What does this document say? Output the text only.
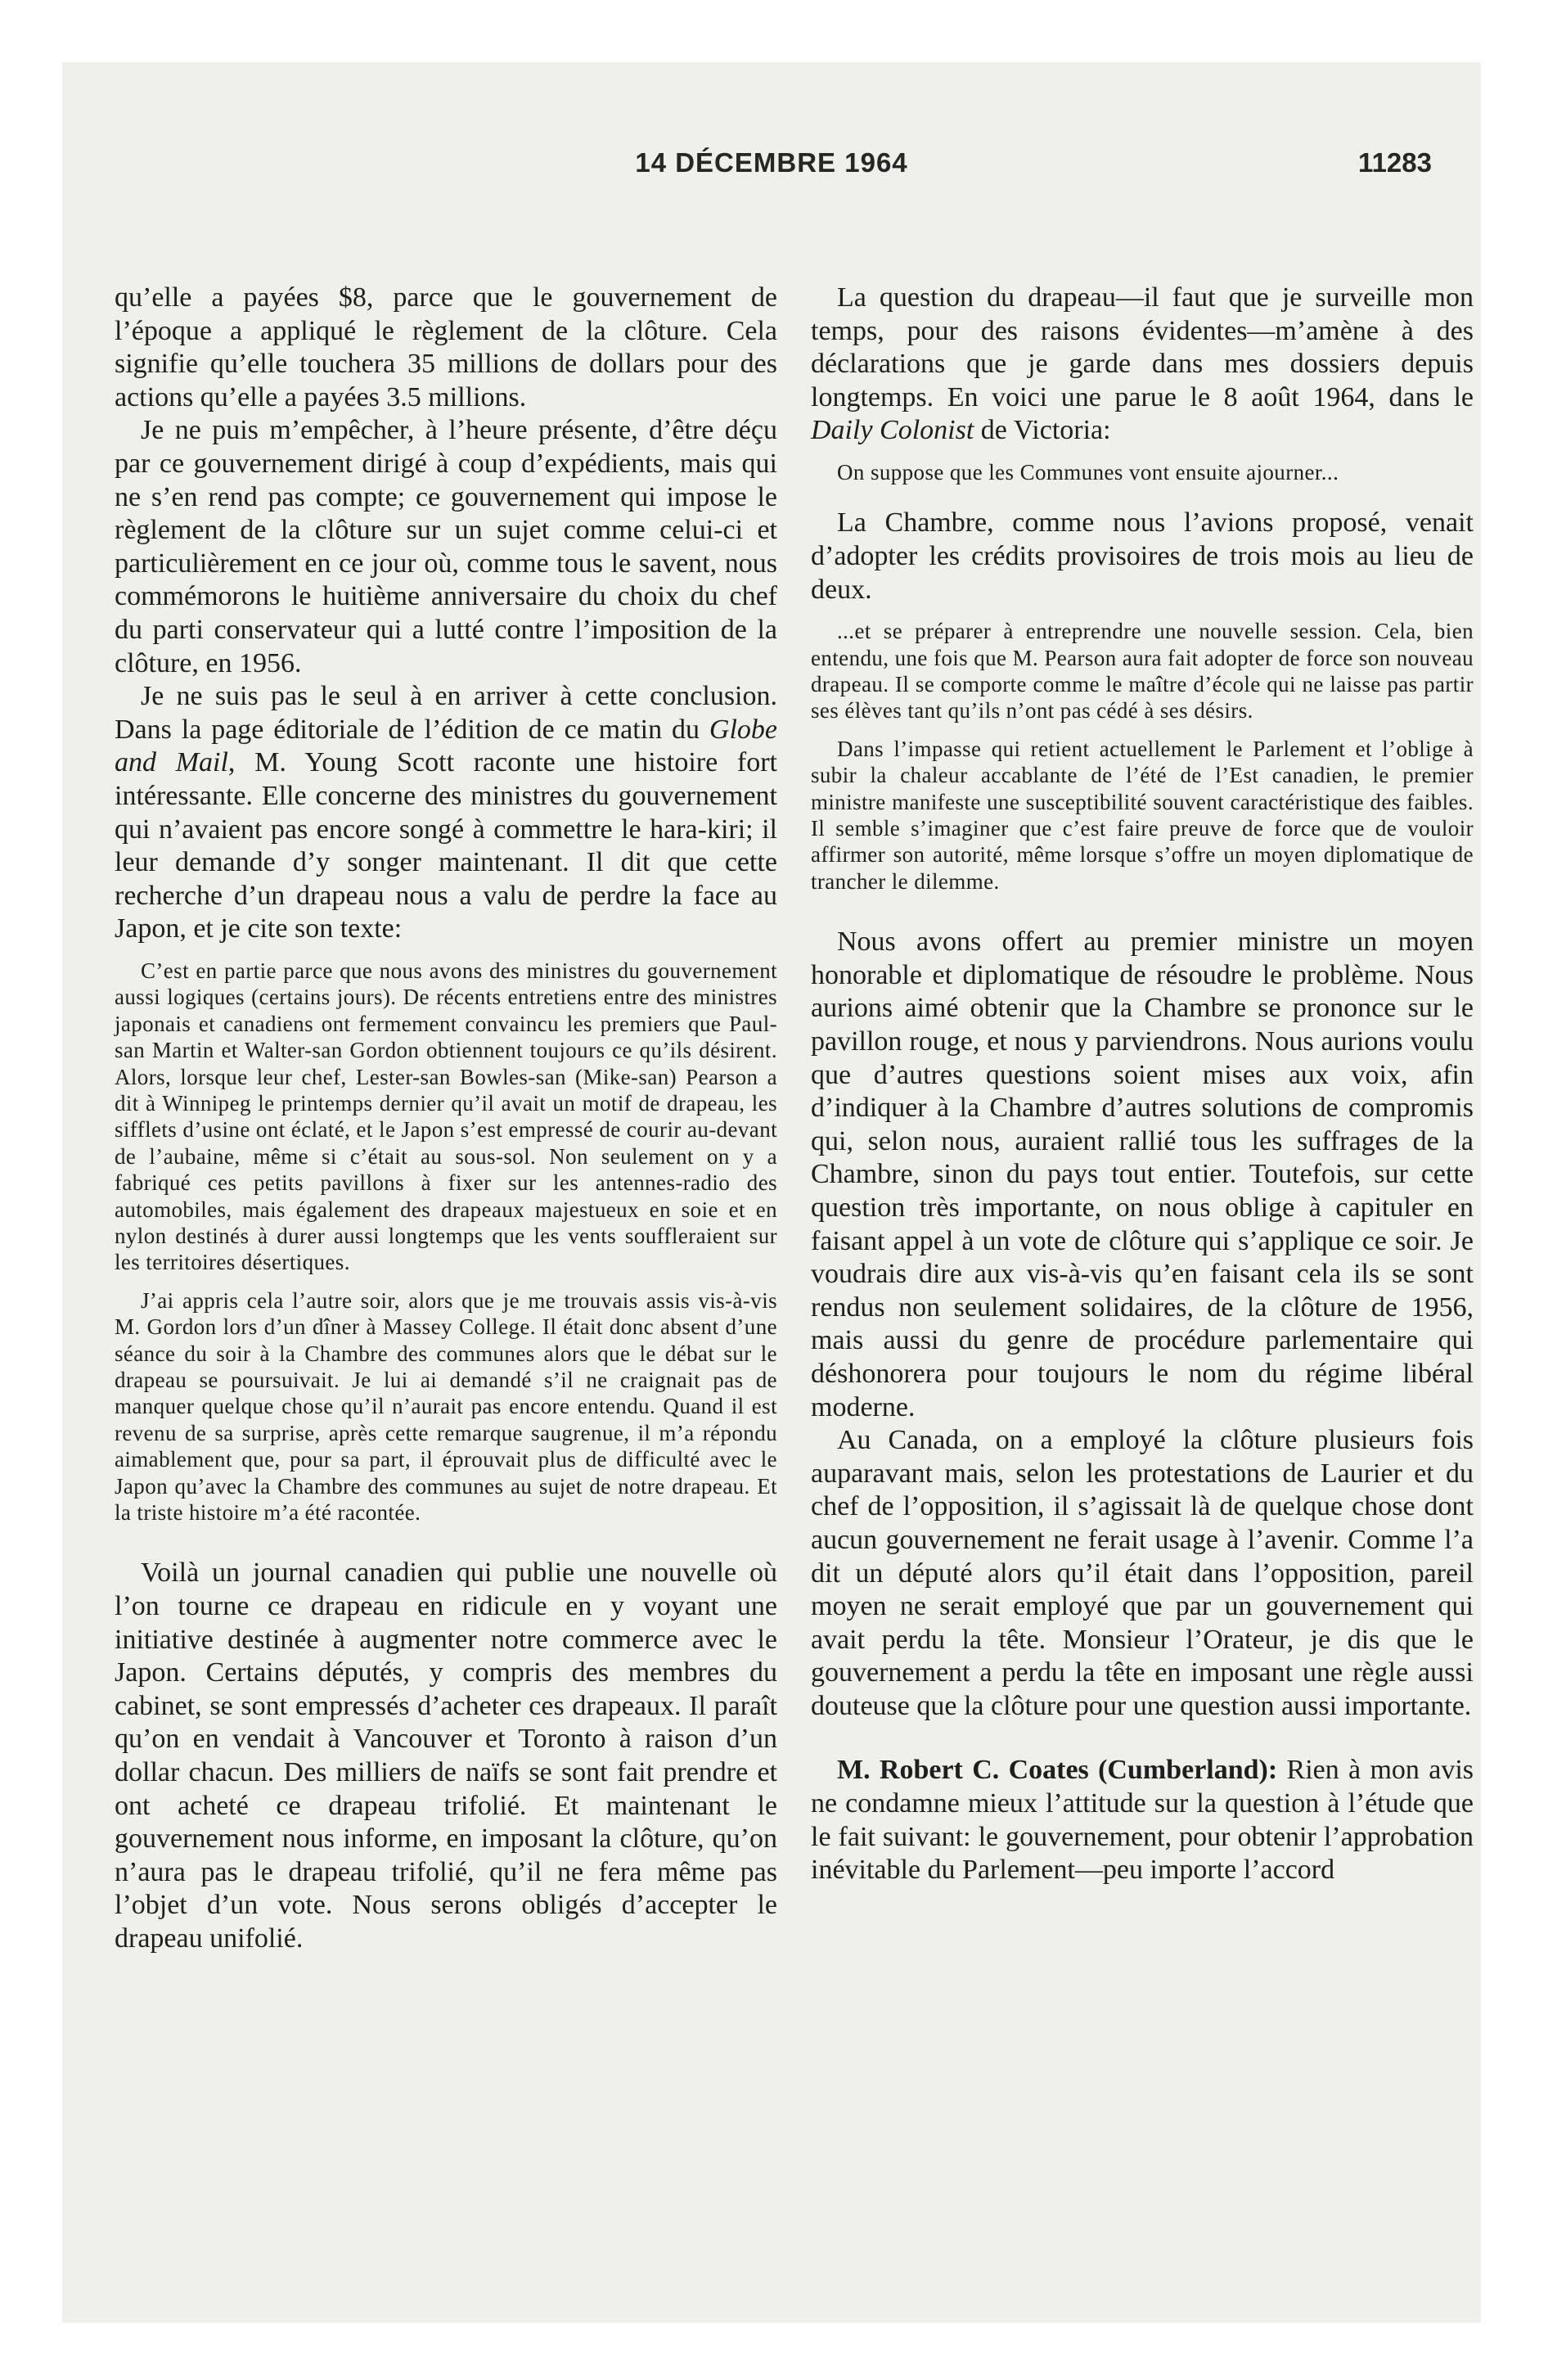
14 DÉCEMBRE 1964	11283

qu’elle a payées $8, parce que le gouvernement de l’époque a appliqué le règlement de la clôture. Cela signifie qu’elle touchera 35 millions de dollars pour des actions qu’elle a payées 3.5 millions.

Je ne puis m’empêcher, à l’heure présente, d’être déçu par ce gouvernement dirigé à coup d’expédients, mais qui ne s’en rend pas compte; ce gouvernement qui impose le règlement de la clôture sur un sujet comme celui-ci et particulièrement en ce jour où, comme tous le savent, nous commémorons le huitième anniversaire du choix du chef du parti conservateur qui a lutté contre l’imposition de la clôture, en 1956.

Je ne suis pas le seul à en arriver à cette conclusion. Dans la page éditoriale de l’édition de ce matin du Globe and Mail, M. Young Scott raconte une histoire fort intéressante. Elle concerne des ministres du gouvernement qui n’avaient pas encore songé à commettre le hara-kiri; il leur demande d’y songer maintenant. Il dit que cette recherche d’un drapeau nous a valu de perdre la face au Japon, et je cite son texte:

C’est en partie parce que nous avons des ministres du gouvernement aussi logiques (certains jours). De récents entretiens entre des ministres japonais et canadiens ont fermement convaincu les premiers que Paul-san Martin et Walter-san Gordon obtiennent toujours ce qu’ils désirent. Alors, lorsque leur chef, Lester-san Bowles-san (Mike-san) Pearson a dit à Winnipeg le printemps dernier qu’il avait un motif de drapeau, les sifflets d’usine ont éclaté, et le Japon s’est empressé de courir au-devant de l’aubaine, même si c’était au sous-sol. Non seulement on y a fabriqué ces petits pavillons à fixer sur les antennes-radio des automobiles, mais également des drapeaux majestueux en soie et en nylon destinés à durer aussi longtemps que les vents souffleraient sur les territoires désertiques.

J’ai appris cela l’autre soir, alors que je me trouvais assis vis-à-vis M. Gordon lors d’un dîner à Massey College. Il était donc absent d’une séance du soir à la Chambre des communes alors que le débat sur le drapeau se poursuivait. Je lui ai demandé s’il ne craignait pas de manquer quelque chose qu’il n’aurait pas encore entendu. Quand il est revenu de sa surprise, après cette remarque saugrenue, il m’a répondu aimablement que, pour sa part, il éprouvait plus de difficulté avec le Japon qu’avec la Chambre des communes au sujet de notre drapeau. Et la triste histoire m’a été racontée.

Voilà un journal canadien qui publie une nouvelle où l’on tourne ce drapeau en ridicule en y voyant une initiative destinée à augmenter notre commerce avec le Japon. Certains députés, y compris des membres du cabinet, se sont empressés d’acheter ces drapeaux. Il paraît qu’on en vendait à Vancouver et Toronto à raison d’un dollar chacun. Des milliers de naïfs se sont fait prendre et ont acheté ce drapeau trifolié. Et maintenant le gouvernement nous informe, en imposant la clôture, qu’on n’aura pas le drapeau trifolié, qu’il ne fera même pas l’objet d’un vote. Nous serons obligés d’accepter le drapeau unifolié.

La question du drapeau—il faut que je surveille mon temps, pour des raisons évidentes—m’amène à des déclarations que je garde dans mes dossiers depuis longtemps. En voici une parue le 8 août 1964, dans le Daily Colonist de Victoria:

On suppose que les Communes vont ensuite ajourner...

La Chambre, comme nous l’avions proposé, venait d’adopter les crédits provisoires de trois mois au lieu de deux.

...et se préparer à entreprendre une nouvelle session. Cela, bien entendu, une fois que M. Pearson aura fait adopter de force son nouveau drapeau. Il se comporte comme le maître d’école qui ne laisse pas partir ses élèves tant qu’ils n’ont pas cédé à ses désirs.

Dans l’impasse qui retient actuellement le Parlement et l’oblige à subir la chaleur accablante de l’été de l’Est canadien, le premier ministre manifeste une susceptibilité souvent caractéristique des faibles. Il semble s’imaginer que c’est faire preuve de force que de vouloir affirmer son autorité, même lorsque s’offre un moyen diplomatique de trancher le dilemme.

Nous avons offert au premier ministre un moyen honorable et diplomatique de résoudre le problème. Nous aurions aimé obtenir que la Chambre se prononce sur le pavillon rouge, et nous y parviendrons. Nous aurions voulu que d’autres questions soient mises aux voix, afin d’indiquer à la Chambre d’autres solutions de compromis qui, selon nous, auraient rallié tous les suffrages de la Chambre, sinon du pays tout entier. Toutefois, sur cette question très importante, on nous oblige à capituler en faisant appel à un vote de clôture qui s’applique ce soir. Je voudrais dire aux vis-à-vis qu’en faisant cela ils se sont rendus non seulement solidaires, de la clôture de 1956, mais aussi du genre de procédure parlementaire qui déshonorera pour toujours le nom du régime libéral moderne.

Au Canada, on a employé la clôture plusieurs fois auparavant mais, selon les protestations de Laurier et du chef de l’opposition, il s’agissait là de quelque chose dont aucun gouvernement ne ferait usage à l’avenir. Comme l’a dit un député alors qu’il était dans l’opposition, pareil moyen ne serait employé que par un gouvernement qui avait perdu la tête. Monsieur l’Orateur, je dis que le gouvernement a perdu la tête en imposant une règle aussi douteuse que la clôture pour une question aussi importante.

M. Robert C. Coates (Cumberland): Rien à mon avis ne condamne mieux l’attitude sur la question à l’étude que le fait suivant: le gouvernement, pour obtenir l’approbation inévitable du Parlement—peu importe l’accord
